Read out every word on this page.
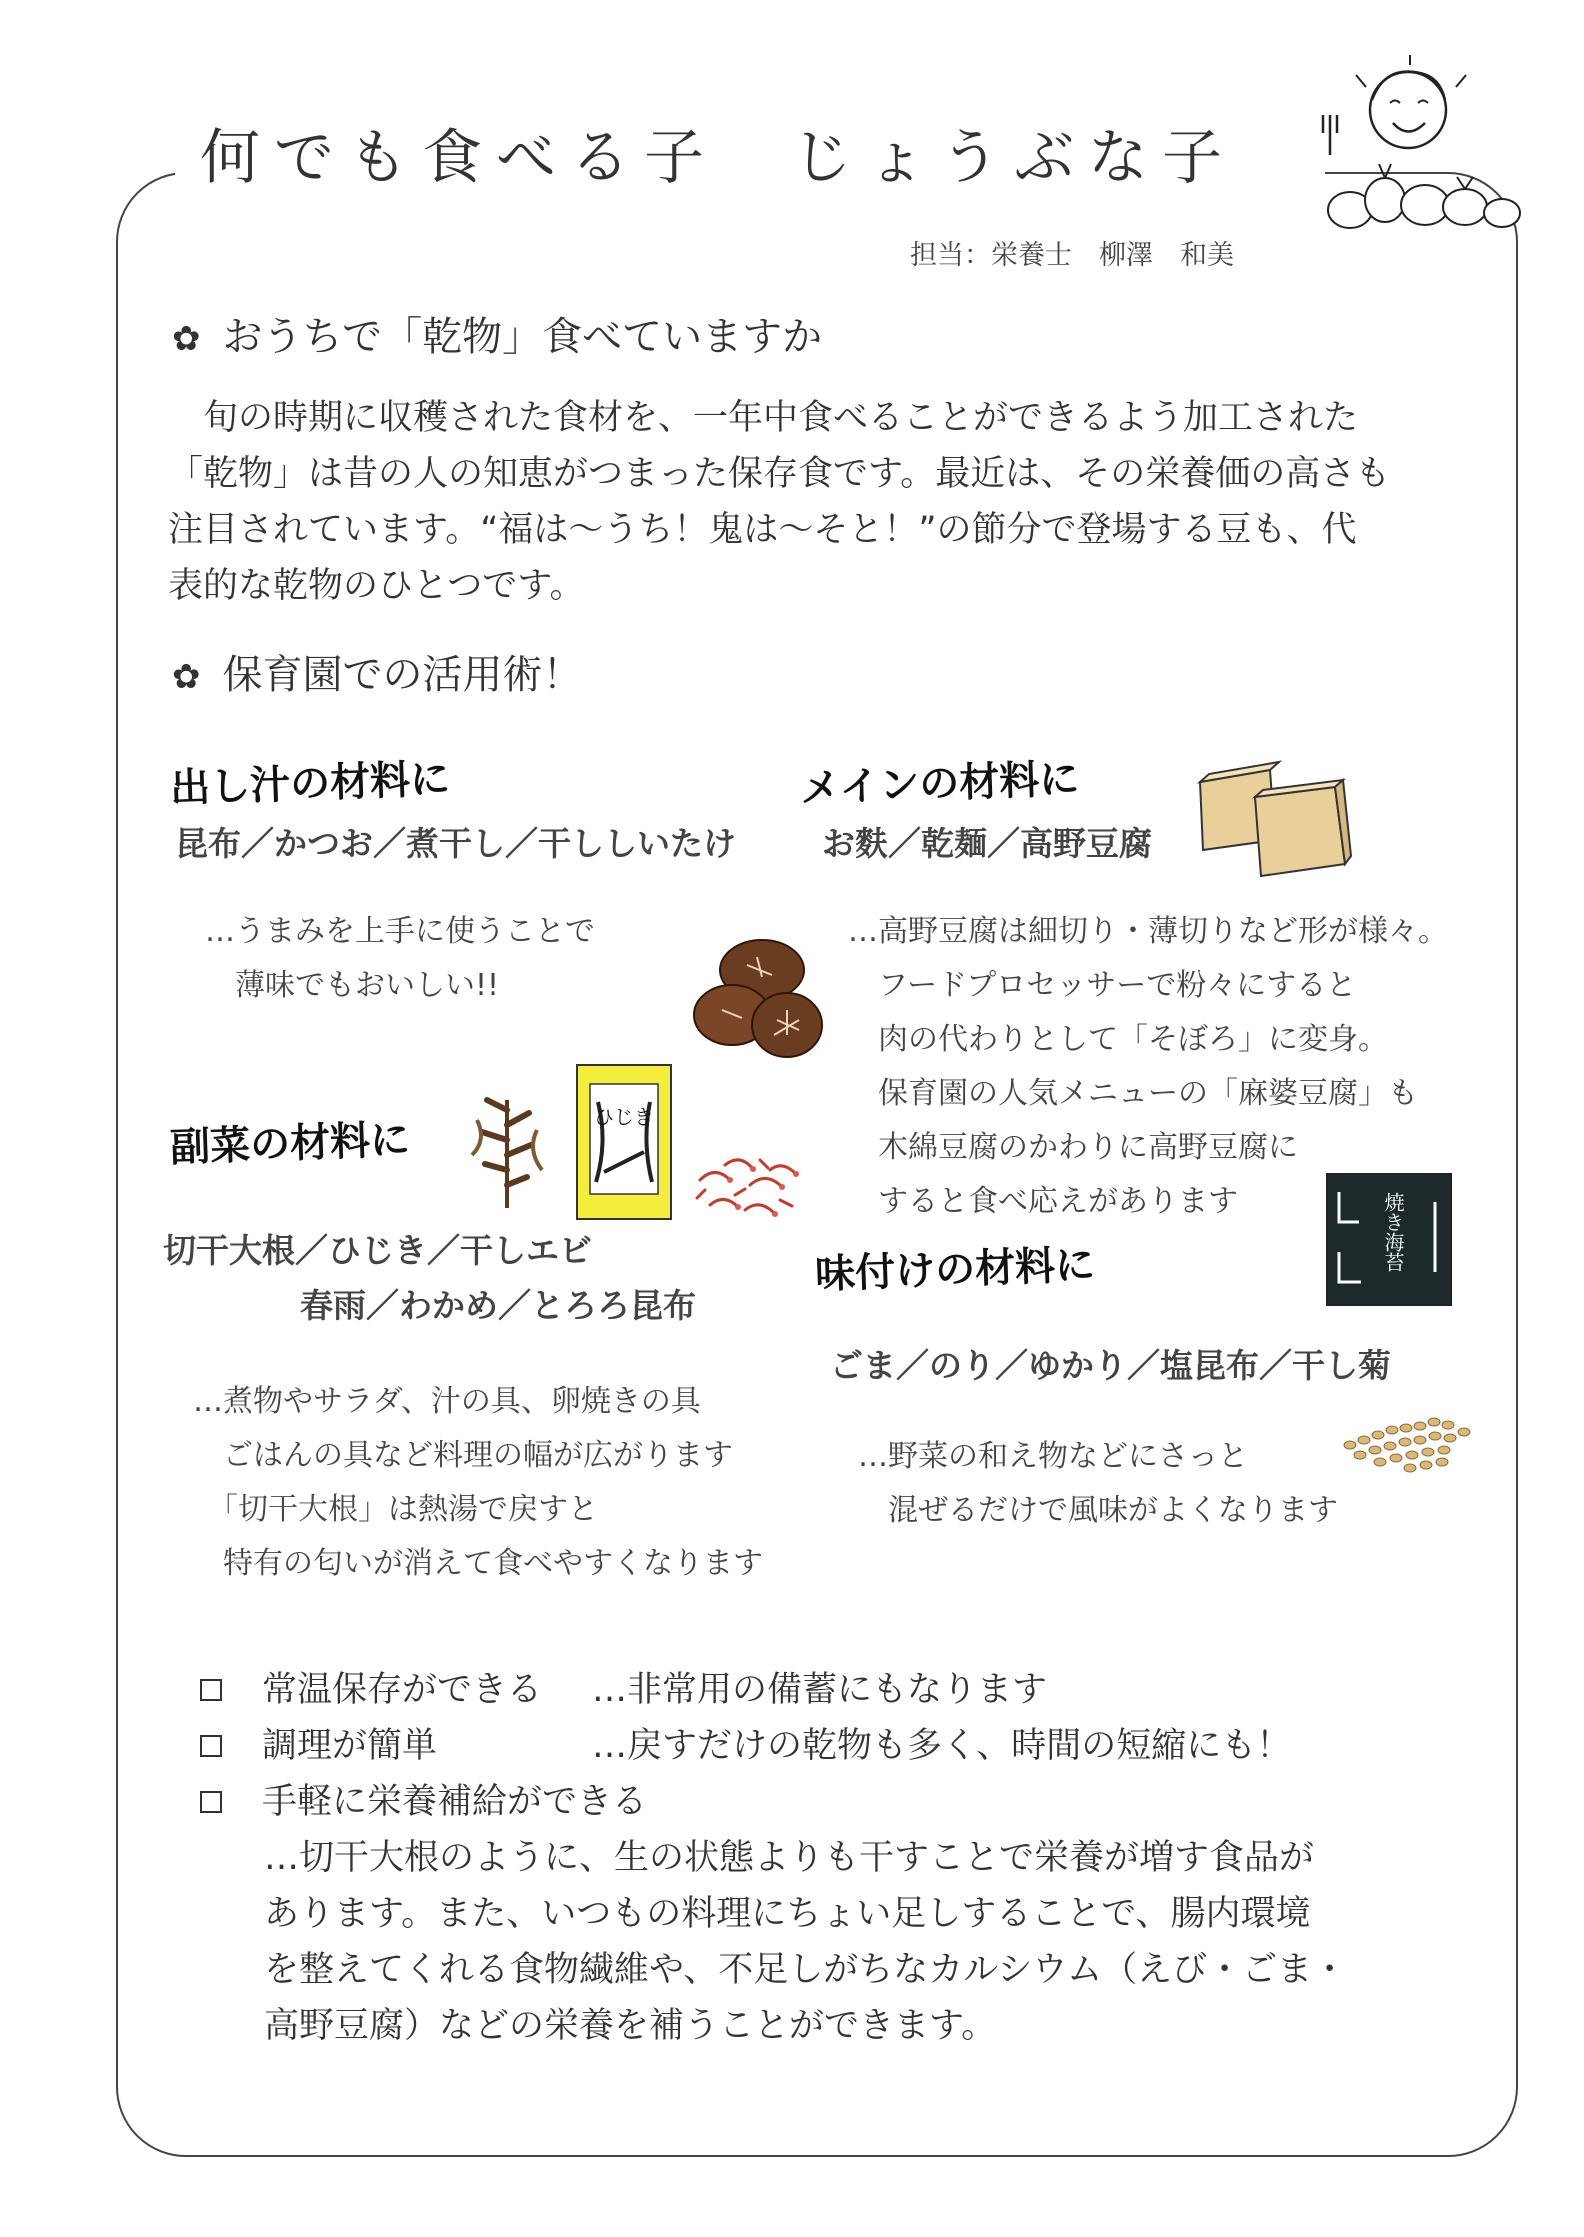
何でも食べる子　じょうぶな子
担当：栄養士　柳澤　和美
✿ おうちで「乾物」食べていますか

　旬の時期に収穫された食材を、一年中食べることができるよう加工された

「乾物」は昔の人の知恵がつまった保存食です。最近は、その栄養価の高さも

注目されています。“福は～うち！鬼は～そと！”の節分で登場する豆も、代

表的な乾物のひとつです。

✿ 保育園での活用術！
出し汁の材料に
昆布／かつお／煮干し／干ししいたけ

…うまみを上手に使うことで

　薄味でもおいしい!!

メインの材料に
お麩／乾麺／高野豆腐

…高野豆腐は細切り・薄切りなど形が様々。

　フードプロセッサーで粉々にすると

　肉の代わりとして「そぼろ」に変身。

　保育園の人気メニューの「麻婆豆腐」も

　木綿豆腐のかわりに高野豆腐に

　すると食べ応えがあります

副菜の材料に	ひじき
切干大根／ひじき／干しエビ
春雨／わかめ／とろろ昆布

…煮物やサラダ、汁の具、卵焼きの具

　ごはんの具など料理の幅が広がります

　「切干大根」は熱湯で戻すと

　特有の匂いが消えて食べやすくなります

味付けの材料に	焼き海苔
ごま／のり／ゆかり／塩昆布／干し菊

…野菜の和え物などにさっと

　混ぜるだけで風味がよくなります

常温保存ができる	…非常用の備蓄にもなります
調理が簡単	…戻すだけの乾物も多く、時間の短縮にも！
手軽に栄養補給ができる

…切干大根のように、生の状態よりも干すことで栄養が増す食品が

あります。また、いつもの料理にちょい足しすることで、腸内環境

を整えてくれる食物繊維や、不足しがちなカルシウム（えび・ごま・

高野豆腐）などの栄養を補うことができます。
